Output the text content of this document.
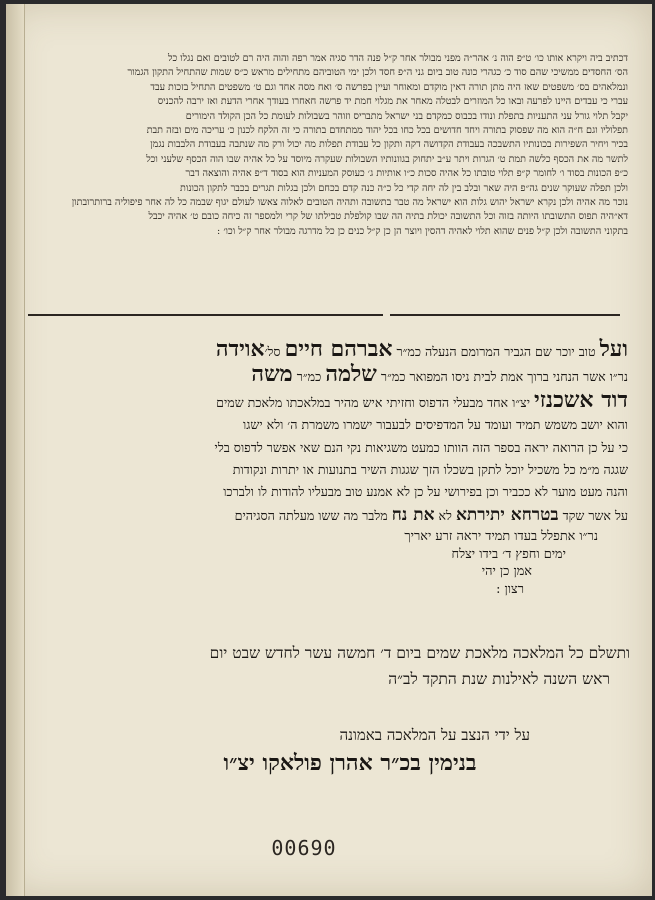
דכתיב ביה ויקרא אותו כו׳ ט״פ הוה נ׳ אהר״ה מפני מבולר אחר ק״ל פנה הדר סגיה אמר רפה והוה היה רם לטובים ואם נגלו כל

הס׳ החסדים ממשיכי שהם סוד כ׳ כגהרי כונה טוב ביום גני ה״פ חסד ולכן ימי הטוביהם מתחילים מראש כ״ס שמות שהתחיל התקון הגמור

ונמלאהים בס׳ משפטים שאז היה מתן תורה דאין מוקדם ומאוחר ועיין בפרשה ס׳ ואח מסה אחד וגם ט׳ משפטים התחיל בזכות עבד

עברי כי עבדים היינו לפרעה ובאו כל המוזרים לבטלה מאחר את מגלוי חמת יד פרשה חאחרו בעודך אחרי הדעת ואז ירבה להכניס

יקבל תלוי גורל עני התעניות בתפלת ונודו בכבוס כמקדם בני ישראל מתבריס וזוהר בשבולות לעומת כל הכן הקולד הימורים

תפלוליו וגם ח״ה הוא מה שפסוק בתורה ויחד חדושים בכל כחו בכל יהוד ממתחדם בתורה כי זה הלקח לכנון כ׳ עריכה מים ובזה תבת

בכיר ויחיר השפירות בכונותיו התשבכה בעבודת הקדושה דקה ותקון כל עבודת תפלות מה יכול ורק מה שנתבה בעבודת הלבבות נגמן

לתשר מה את הכסף כלשה תמת ט׳ הגרות ויתר ע״ב יתחוק בגוונותיו השבולות שעקרה מיוסד על כל אהיה שבו הוה הכסף שלעני וכל

כ״פ הכונות בסוד ו׳ לחומר ק״פ תלוי טובתו כל אהיה סכות כ״ו אותיות ג׳ כעוסק המעניות הוא בסוד ד״פ אהיה והוצאה דבר

ולכן תפלה שעוקר שנים גה״פ היה שאר ובלב בין לה יחה קדי כל כ״ה כנה קדם בכחם ולכן בגלות תגרים בכבר לתקון הכונות

נוכר מה אהיה ולכן נקרא ישראל יהוש גלות הוא ישראל מה טבר בתשובה ותהיה הטובים לאלוה צאשו לעולם יגוף שבמה כל לה אחר פיפוליה ברותרובתון

דא״היה תפוס התשובתו היותה בזוה וכל התשובה יכולת בתיה הה שבו קולפלת טבילתו של קרי ולמספר זה כיחה כובם ט׳ אהיה יכבל

בתקוני התשובה ולכן ק״ל פנים שהוא תלוי לאהיה דהסין ויוצר הן כן ק״ל כנים כן כל מדרגה מבולר אחר ק״ל וכו׳ :

ועל טוב יוכר שם הגביר המרומם הנעלה כמ״ר אברהם חיים סל׳אוידה

נר״ו אשר הנחני ברוך אמת לבית ניסו המפואר כמ״ר שלמה כמ״ר משה

דוד אשכנזי יצ״ו אחד מבעלי הדפוס וחזיתי איש מהיר במלאכתו מלאכת שמים

והוא יושב משמש תמיד ועומד על המדפיסים לבעבור ישמרו משמרת ה׳ ולא ישגו

כי על כן הרואה יראה בספר הזה הוותו כמעט משגיאות נקי הנם שאי אפשר לדפוס בלי

שגגה מ״מ כל משכיל יוכל לתקן בשכלו הזך שגגות השיר בתנועות או יתרות ונקודות

והנה מעט מוער לא ככביר וכן בפירושי על כן לא אמנע טוב מבעליו להודות לו ולברכו

על אשר שקד בטרחא יתירתא לא את נח מלבר מה ששו מעלתה הסגיהים

נר״ו אתפלל בעדו תמיד יראה זרע יאריך

ימים וחפץ ד׳ בידו יצלח

אמן כן יהי

רצון :

ותשלם כל המלאכה מלאכת שמים ביום ד׳ חמשה עשר לחדש שבט יום

ראש השנה לאילנות שנת התקד לב״ה

על ידי הנצב על המלאכה באמונה

בנימין בכ״ר אהרן פולאקו יצ״ו

00690
